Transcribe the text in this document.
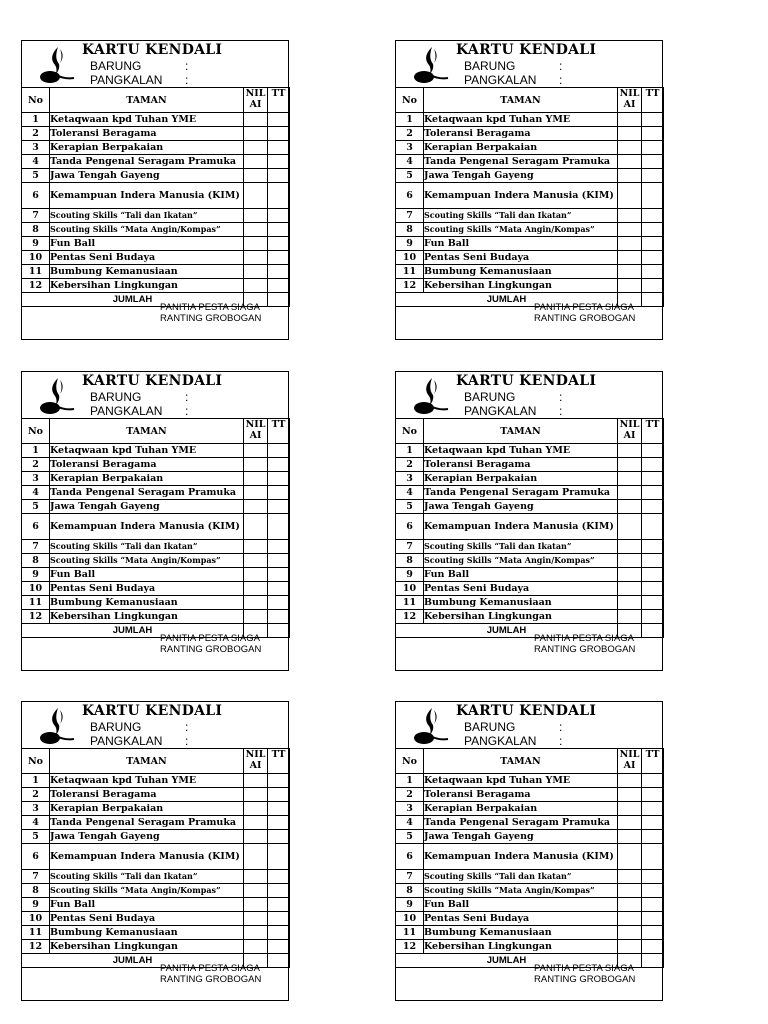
KARTU KENDALI
BARUNG	:
PANGKALAN :
No	TAMAN	NIL AI	TT
1	Ketaqwaan kpd Tuhan YME		
2	Toleransi Beragama		
3	Kerapian Berpakaian		
4	Tanda Pengenal Seragam Pramuka		
5	Jawa Tengah Gayeng		
6	Kemampuan Indera Manusia (KIM)		
7	Scouting Skills “Tali dan Ikatan”		
8	Scouting Skills “Mata Angin/Kompas”		
9	Fun Ball		
10	Pentas Seni Budaya		
11	Bumbung Kemanusiaan		
12	Kebersihan Lingkungan		
JUMLAH			
PANITIA PESTA SIAGA
RANTING GROBOGAN
KARTU KENDALI
BARUNG	:
PANGKALAN :
No	TAMAN	NIL AI	TT
1	Ketaqwaan kpd Tuhan YME		
2	Toleransi Beragama		
3	Kerapian Berpakaian		
4	Tanda Pengenal Seragam Pramuka		
5	Jawa Tengah Gayeng		
6	Kemampuan Indera Manusia (KIM)		
7	Scouting Skills “Tali dan Ikatan”		
8	Scouting Skills “Mata Angin/Kompas”		
9	Fun Ball		
10	Pentas Seni Budaya		
11	Bumbung Kemanusiaan		
12	Kebersihan Lingkungan		
JUMLAH			
PANITIA PESTA SIAGA
RANTING GROBOGAN
KARTU KENDALI
BARUNG	:
PANGKALAN :
No	TAMAN	NIL AI	TT
1	Ketaqwaan kpd Tuhan YME		
2	Toleransi Beragama		
3	Kerapian Berpakaian		
4	Tanda Pengenal Seragam Pramuka		
5	Jawa Tengah Gayeng		
6	Kemampuan Indera Manusia (KIM)		
7	Scouting Skills “Tali dan Ikatan”		
8	Scouting Skills “Mata Angin/Kompas”		
9	Fun Ball		
10	Pentas Seni Budaya		
11	Bumbung Kemanusiaan		
12	Kebersihan Lingkungan		
JUMLAH			
PANITIA PESTA SIAGA
RANTING GROBOGAN
KARTU KENDALI
BARUNG	:
PANGKALAN :
No	TAMAN	NIL AI	TT
1	Ketaqwaan kpd Tuhan YME		
2	Toleransi Beragama		
3	Kerapian Berpakaian		
4	Tanda Pengenal Seragam Pramuka		
5	Jawa Tengah Gayeng		
6	Kemampuan Indera Manusia (KIM)		
7	Scouting Skills “Tali dan Ikatan”		
8	Scouting Skills “Mata Angin/Kompas”		
9	Fun Ball		
10	Pentas Seni Budaya		
11	Bumbung Kemanusiaan		
12	Kebersihan Lingkungan		
JUMLAH			
PANITIA PESTA SIAGA
RANTING GROBOGAN
KARTU KENDALI
BARUNG	:
PANGKALAN :
No	TAMAN	NIL AI	TT
1	Ketaqwaan kpd Tuhan YME		
2	Toleransi Beragama		
3	Kerapian Berpakaian		
4	Tanda Pengenal Seragam Pramuka		
5	Jawa Tengah Gayeng		
6	Kemampuan Indera Manusia (KIM)		
7	Scouting Skills “Tali dan Ikatan”		
8	Scouting Skills “Mata Angin/Kompas”		
9	Fun Ball		
10	Pentas Seni Budaya		
11	Bumbung Kemanusiaan		
12	Kebersihan Lingkungan		
JUMLAH			
PANITIA PESTA SIAGA
RANTING GROBOGAN
KARTU KENDALI
BARUNG	:
PANGKALAN :
No	TAMAN	NIL AI	TT
1	Ketaqwaan kpd Tuhan YME		
2	Toleransi Beragama		
3	Kerapian Berpakaian		
4	Tanda Pengenal Seragam Pramuka		
5	Jawa Tengah Gayeng		
6	Kemampuan Indera Manusia (KIM)		
7	Scouting Skills “Tali dan Ikatan”		
8	Scouting Skills “Mata Angin/Kompas”		
9	Fun Ball		
10	Pentas Seni Budaya		
11	Bumbung Kemanusiaan		
12	Kebersihan Lingkungan		
JUMLAH			
PANITIA PESTA SIAGA
RANTING GROBOGAN
